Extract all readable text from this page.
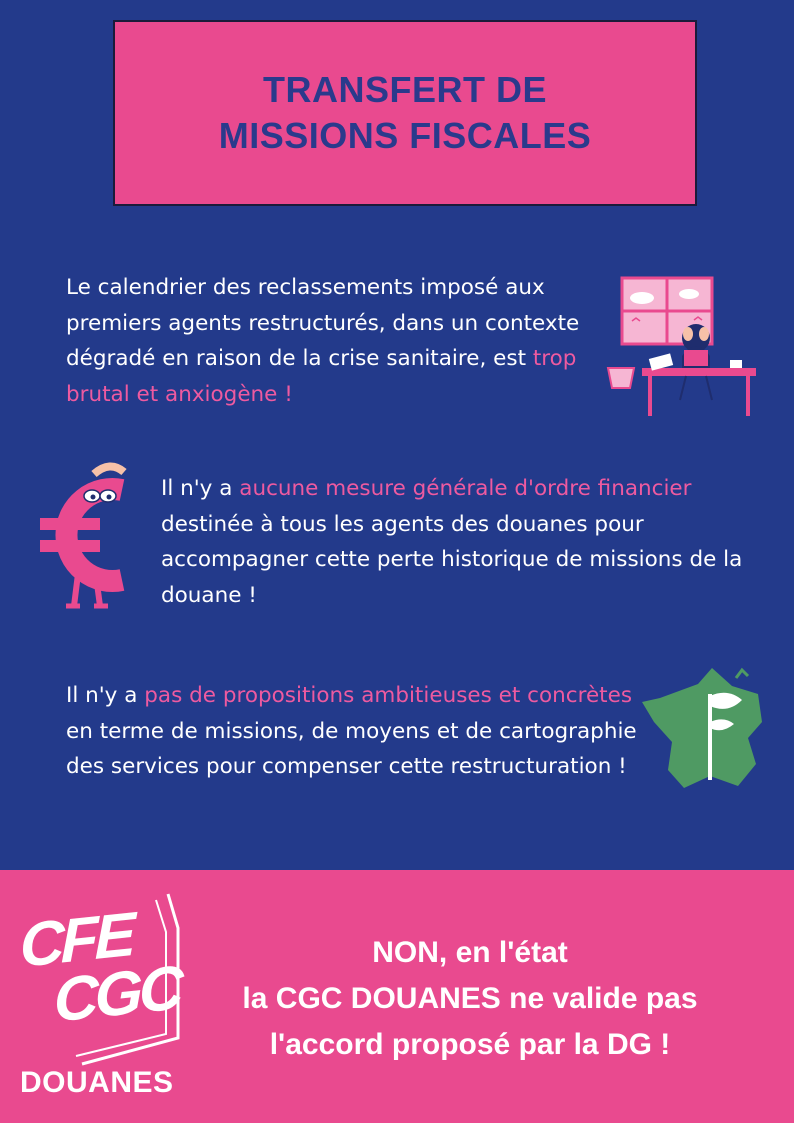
TRANSFERT DE
MISSIONS FISCALES
Le calendrier des reclassements imposé aux premiers agents restructurés, dans un contexte dégradé en raison de la crise sanitaire, est trop brutal et anxiogène !
Il n'y a aucune mesure générale d'ordre financier destinée à tous les agents des douanes pour accompagner cette perte historique de missions de la douane !
Il n'y a pas de propositions ambitieuses et concrètes en terme de missions, de moyens et de cartographie des services pour compenser cette restructuration !
CFE
CGC
DOUANES
NON, en l'état
la CGC DOUANES ne valide pas
l'accord proposé par la DG !
